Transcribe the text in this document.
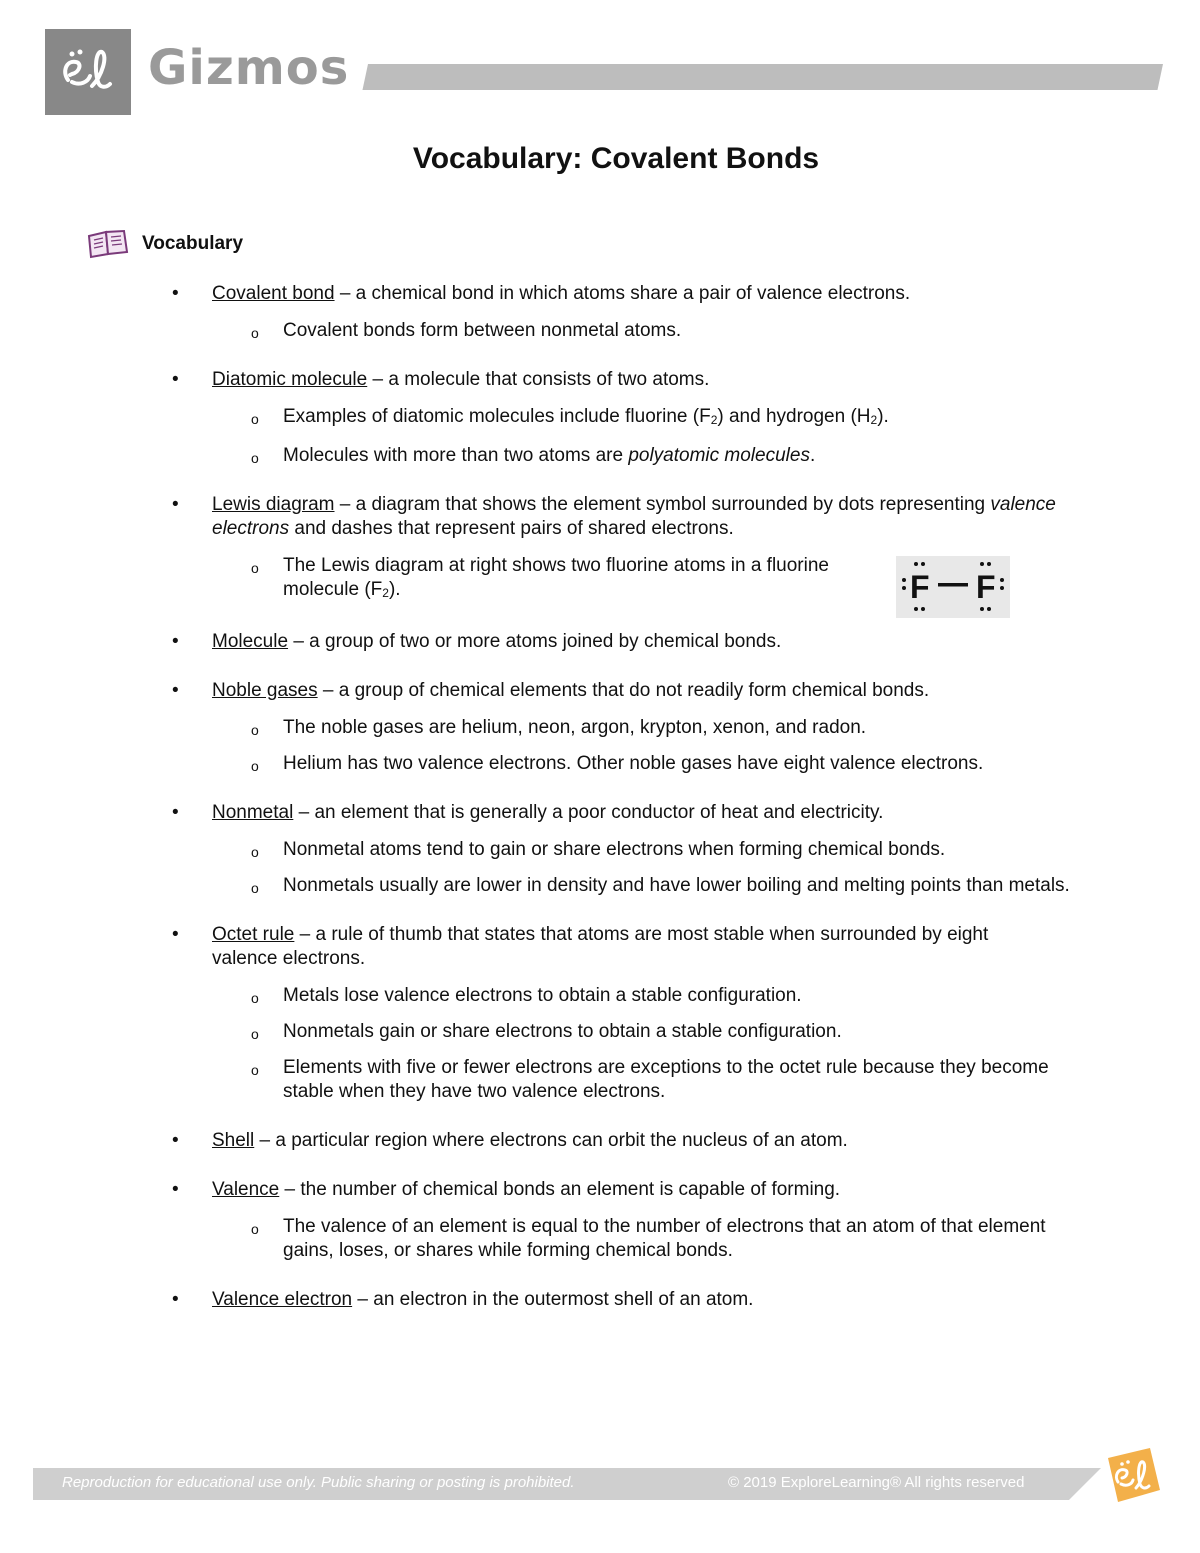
Gizmos
Vocabulary: Covalent Bonds
Vocabulary
F F
• Covalent bond – a chemical bond in which atoms share a pair of valence electrons.
o Covalent bonds form between nonmetal atoms.
• Diatomic molecule – a molecule that consists of two atoms.
o Examples of diatomic molecules include fluorine $(F_2)$ and hydrogen $(H_2)$.
o Molecules with more than two atoms are polyatomic molecules.
• Lewis diagram – a diagram that shows the element symbol surrounded by dots representing valence electrons and dashes that represent pairs of shared electrons.
o The Lewis diagram at right shows two fluorine atoms in a fluorine molecule $(F_2)$.
• Molecule – a group of two or more atoms joined by chemical bonds.
• Noble gases – a group of chemical elements that do not readily form chemical bonds.
o The noble gases are helium, neon, argon, krypton, xenon, and radon.
o Helium has two valence electrons. Other noble gases have eight valence electrons.
• Nonmetal – an element that is generally a poor conductor of heat and electricity.
o Nonmetal atoms tend to gain or share electrons when forming chemical bonds.
o Nonmetals usually are lower in density and have lower boiling and melting points than metals.
• Octet rule – a rule of thumb that states that atoms are most stable when surrounded by eight valence electrons.
o Metals lose valence electrons to obtain a stable configuration.
o Nonmetals gain or share electrons to obtain a stable configuration.
o Elements with five or fewer electrons are exceptions to the octet rule because they become stable when they have two valence electrons.
• Shell – a particular region where electrons can orbit the nucleus of an atom.
• Valence – the number of chemical bonds an element is capable of forming.
o The valence of an element is equal to the number of electrons that an atom of that element gains, loses, or shares while forming chemical bonds.
• Valence electron – an electron in the outermost shell of an atom.
Reproduction for educational use only. Public sharing or posting is prohibited.	© 2019 ExploreLearning® All rights reserved
